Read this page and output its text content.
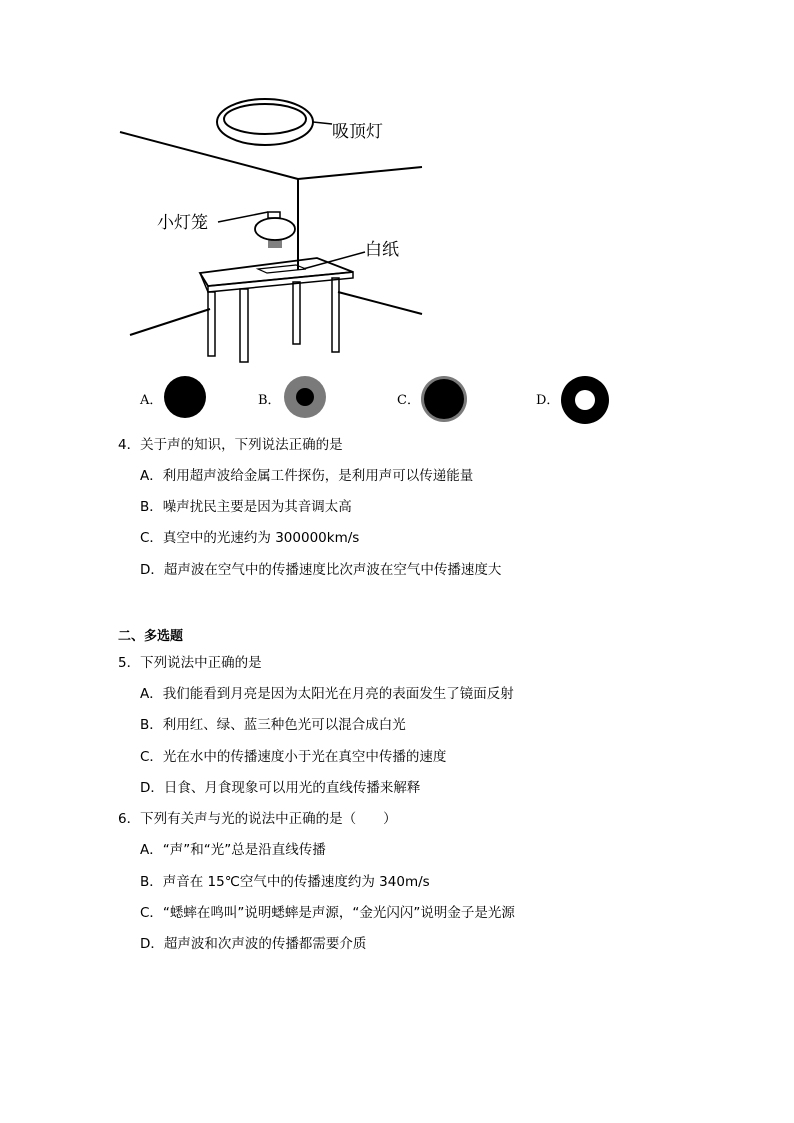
吸顶灯
小灯笼
白纸
A．	B．	C．	D．
4．关于声的知识，下列说法正确的是
A．利用超声波给金属工件探伤，是利用声可以传递能量
B．噪声扰民主要是因为其音调太高
C．真空中的光速约为 300000km/s
D．超声波在空气中的传播速度比次声波在空气中传播速度大
二、多选题
5．下列说法中正确的是
A．我们能看到月亮是因为太阳光在月亮的表面发生了镜面反射
B．利用红、绿、蓝三种色光可以混合成白光
C．光在水中的传播速度小于光在真空中传播的速度
D．日食、月食现象可以用光的直线传播来解释
6．下列有关声与光的说法中正确的是（　　）
A．“声”和“光”总是沿直线传播
B．声音在 15℃空气中的传播速度约为 340m/s
C．“蟋蟀在鸣叫”说明蟋蟀是声源，“金光闪闪”说明金子是光源
D．超声波和次声波的传播都需要介质
